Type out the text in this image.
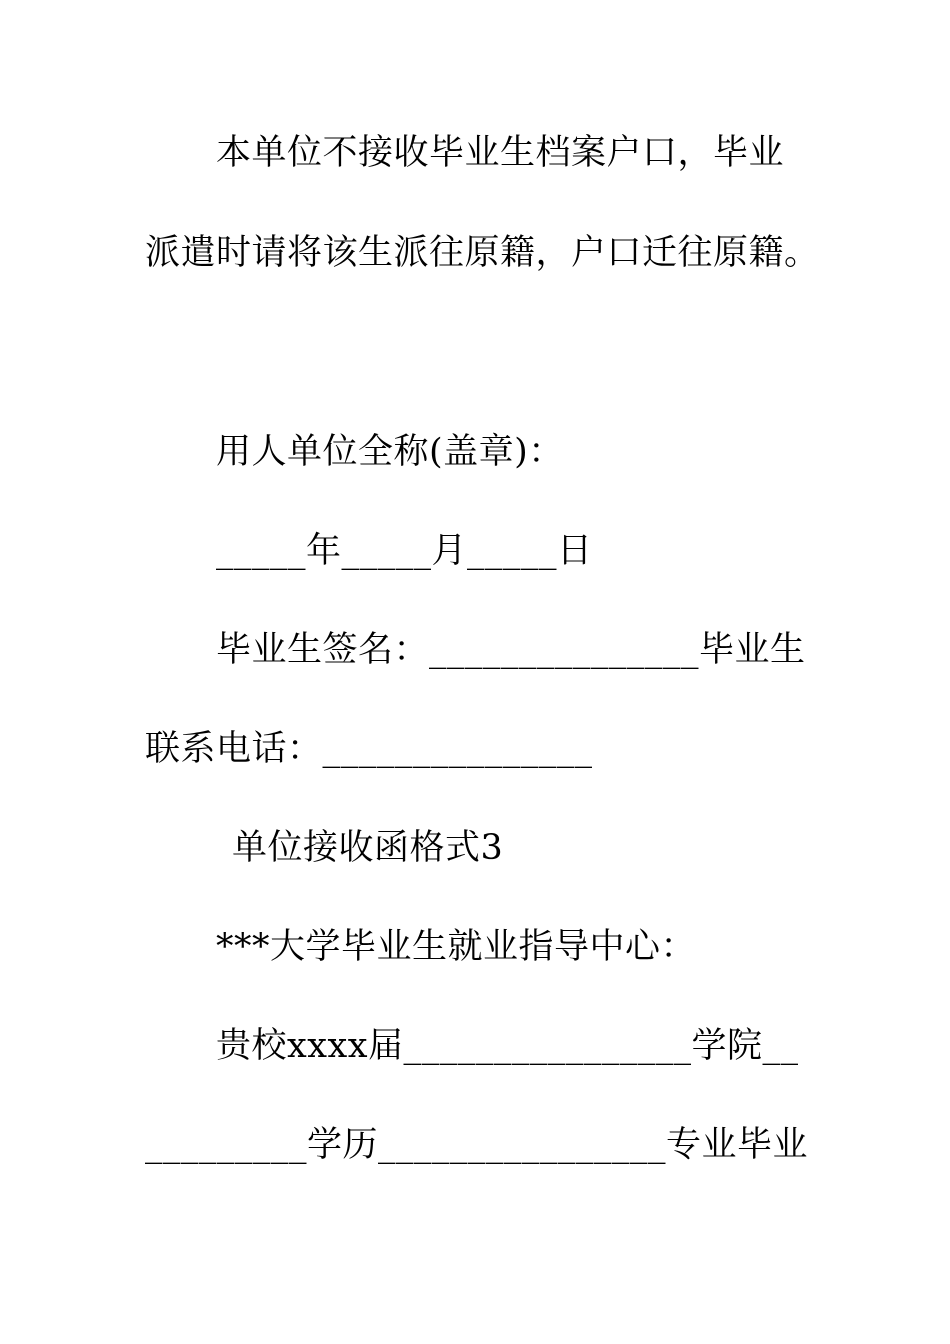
本单位不接收毕业生档案户口，毕业
派遣时请将该生派往原籍，户口迁往原籍。
用人单位全称(盖章)：
_____年_____月_____日
毕业生签名：_______________毕业生
联系电话：_______________
单位接收函格式3
***大学毕业生就业指导中心：
贵校xxxx届________________学院__
_________学历________________专业毕业
